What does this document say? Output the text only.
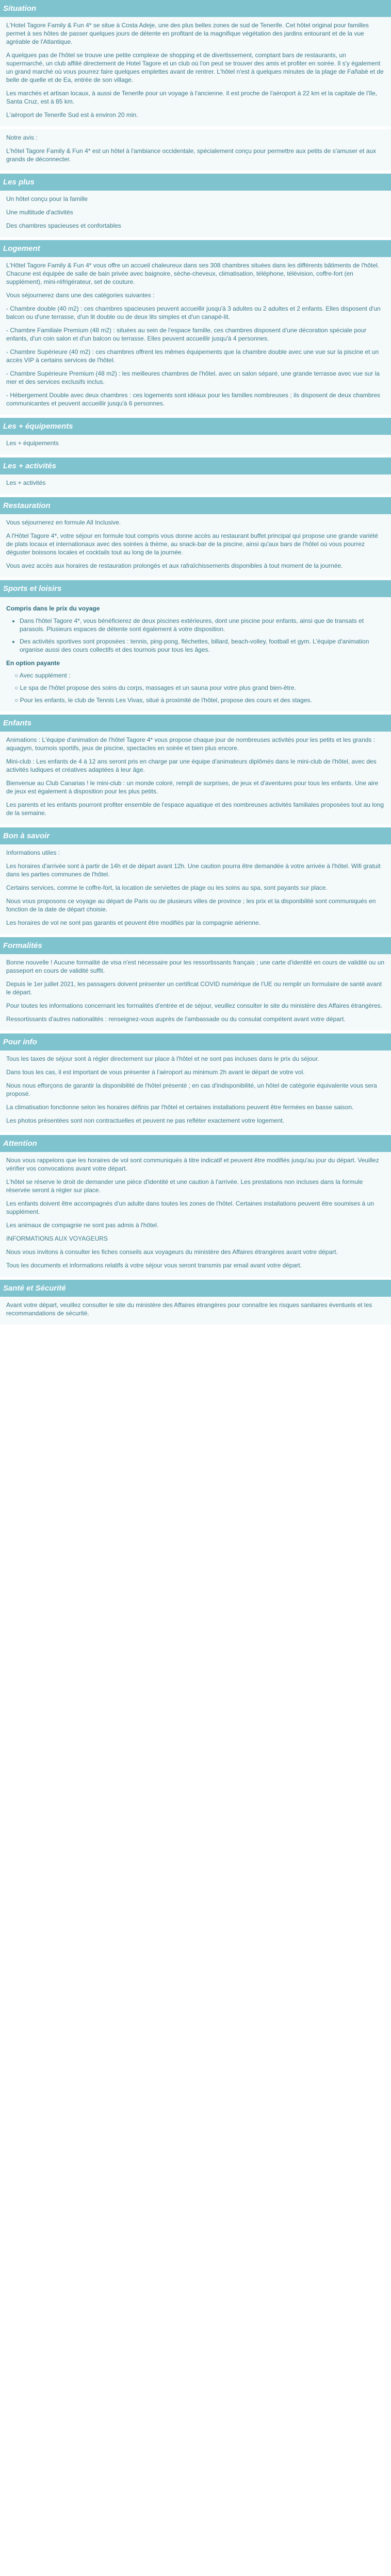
Situation

L'Hotel Tagore Family & Fun 4* se situe à Costa Adeje, une des plus belles zones de sud de Tenerife. Cet hôtel original pour familles permet à ses hôtes de passer quelques jours de détente en profitant de la magnifique végétation des jardins entourant et de la vue agréable de l'Atlantique.

A quelques pas de l'hôtel se trouve une petite complexe de shopping et de divertissement, comptant bars de restaurants, un supermarché, un club affilié directement de Hotel Tagore et un club où l'on peut se trouver des amis et profiter en soirée. Il s'y également un grand marché où vous pourrez faire quelques emplettes avant de rentrer. L'hôtel n'est à quelques minutes de la plage de Fañabé et de belle de quelle et de Ea, entrée de son village.

Les marchés et artisan locaux, à aussi de Tenerife pour un voyage à l'ancienne. Il est proche de l'aéroport à 22 km et la capitale de l'île, Santa Cruz, est à 85 km.

L'aéroport de Tenerife Sud est à environ 20 min.

Notre avis :

L'hôtel Tagore Family & Fun 4* est un hôtel à l'ambiance occidentale, spécialement conçu pour permettre aux petits de s'amuser et aux grands de déconnecter.

Les plus

Un hôtel conçu pour la famille

Une multitude d'activités

Des chambres spacieuses et confortables

Logement

L'Hôtel Tagore Family & Fun 4* vous offre un accueil chaleureux dans ses 308 chambres situées dans les différents bâtiments de l'hôtel. Chacune est équipée de salle de bain privée avec baignoire, sèche-cheveux, climatisation, téléphone, télévision, coffre-fort (en supplément), mini-réfrigérateur, set de couture.

Vous séjournerez dans une des catégories suivantes :

- Chambre double (40 m2) : ces chambres spacieuses peuvent accueillir jusqu'à 3 adultes ou 2 adultes et 2 enfants. Elles disposent d'un balcon ou d'une terrasse, d'un lit double ou de deux lits simples et d'un canapé-lit.

- Chambre Familiale Premium (48 m2) : situées au sein de l'espace famille, ces chambres disposent d'une décoration spéciale pour enfants, d'un coin salon et d'un balcon ou terrasse. Elles peuvent accueillir jusqu'à 4 personnes.

- Chambre Supérieure (40 m2) : ces chambres offrent les mêmes équipements que la chambre double avec une vue sur la piscine et un accès VIP à certains services de l'hôtel.

- Chambre Supérieure Premium (48 m2) : les meilleures chambres de l'hôtel, avec un salon séparé, une grande terrasse avec vue sur la mer et des services exclusifs inclus.

- Hébergement Double avec deux chambres : ces logements sont idéaux pour les familles nombreuses ; ils disposent de deux chambres communicantes et peuvent accueillir jusqu'à 6 personnes.

Les + équipements

Les + équipements

Les + activités

Les + activités

Restauration

Vous séjournerez en formule All Inclusive.

A l'Hôtel Tagore 4*, votre séjour en formule tout compris vous donne accès au restaurant buffet principal qui propose une grande variété de plats locaux et internationaux avec des soirées à thème, au snack-bar de la piscine, ainsi qu'aux bars de l'hôtel où vous pourrez déguster boissons locales et cocktails tout au long de la journée.

Vous avez accès aux horaires de restauration prolongés et aux rafraîchissements disponibles à tout moment de la journée.

Sports et loisirs
Compris dans le prix du voyage
• Dans l'hôtel Tagore 4*, vous bénéficierez de deux piscines extérieures, dont une piscine pour enfants, ainsi que de transats et parasols. Plusieurs espaces de détente sont également à votre disposition.
• Des activités sportives sont proposées : tennis, ping-pong, fléchettes, billard, beach-volley, football et gym. L'équipe d'animation organise aussi des cours collectifs et des tournois pour tous les âges.
En option payante
○ Avec supplément :
○ Le spa de l'hôtel propose des soins du corps, massages et un sauna pour votre plus grand bien-être.
○ Pour les enfants, le club de Tennis Les Vivas, situé à proximité de l'hôtel, propose des cours et des stages.
Enfants

Animations : L'équipe d'animation de l'hôtel Tagore 4* vous propose chaque jour de nombreuses activités pour les petits et les grands : aquagym, tournois sportifs, jeux de piscine, spectacles en soirée et bien plus encore.

Mini-club : Les enfants de 4 à 12 ans seront pris en charge par une équipe d'animateurs diplômés dans le mini-club de l'hôtel, avec des activités ludiques et créatives adaptées à leur âge.

Bienvenue au Club Canarias ! le mini-club : un monde coloré, rempli de surprises, de jeux et d'aventures pour tous les enfants. Une aire de jeux est également à disposition pour les plus petits.

Les parents et les enfants pourront profiter ensemble de l'espace aquatique et des nombreuses activités familiales proposées tout au long de la semaine.

Bon à savoir

Informations utiles :

Les horaires d'arrivée sont à partir de 14h et de départ avant 12h. Une caution pourra être demandée à votre arrivée à l'hôtel. Wifi gratuit dans les parties communes de l'hôtel.

Certains services, comme le coffre-fort, la location de serviettes de plage ou les soins au spa, sont payants sur place.

Nous vous proposons ce voyage au départ de Paris ou de plusieurs villes de province ; les prix et la disponibilité sont communiqués en fonction de la date de départ choisie.

Les horaires de vol ne sont pas garantis et peuvent être modifiés par la compagnie aérienne.

Formalités

Bonne nouvelle ! Aucune formalité de visa n'est nécessaire pour les ressortissants français ; une carte d'identité en cours de validité ou un passeport en cours de validité suffit.

Depuis le 1er juillet 2021, les passagers doivent présenter un certificat COVID numérique de l'UE ou remplir un formulaire de santé avant le départ.

Pour toutes les informations concernant les formalités d'entrée et de séjour, veuillez consulter le site du ministère des Affaires étrangères.

Ressortissants d'autres nationalités : renseignez-vous auprès de l'ambassade ou du consulat compétent avant votre départ.

Pour info

Tous les taxes de séjour sont à régler directement sur place à l'hôtel et ne sont pas incluses dans le prix du séjour.

Dans tous les cas, il est important de vous présenter à l'aéroport au minimum 2h avant le départ de votre vol.

Nous nous efforçons de garantir la disponibilité de l'hôtel présenté ; en cas d'indisponibilité, un hôtel de catégorie équivalente vous sera proposé.

La climatisation fonctionne selon les horaires définis par l'hôtel et certaines installations peuvent être fermées en basse saison.

Les photos présentées sont non contractuelles et peuvent ne pas refléter exactement votre logement.

Attention

Nous vous rappelons que les horaires de vol sont communiqués à titre indicatif et peuvent être modifiés jusqu'au jour du départ. Veuillez vérifier vos convocations avant votre départ.

L'hôtel se réserve le droit de demander une pièce d'identité et une caution à l'arrivée. Les prestations non incluses dans la formule réservée seront à régler sur place.

Les enfants doivent être accompagnés d'un adulte dans toutes les zones de l'hôtel. Certaines installations peuvent être soumises à un supplément.

Les animaux de compagnie ne sont pas admis à l'hôtel.

INFORMATIONS AUX VOYAGEURS

Nous vous invitons à consulter les fiches conseils aux voyageurs du ministère des Affaires étrangères avant votre départ.

Tous les documents et informations relatifs à votre séjour vous seront transmis par email avant votre départ.

Santé et Sécurité

Avant votre départ, veuillez consulter le site du ministère des Affaires étrangères pour connaître les risques sanitaires éventuels et les recommandations de sécurité.
